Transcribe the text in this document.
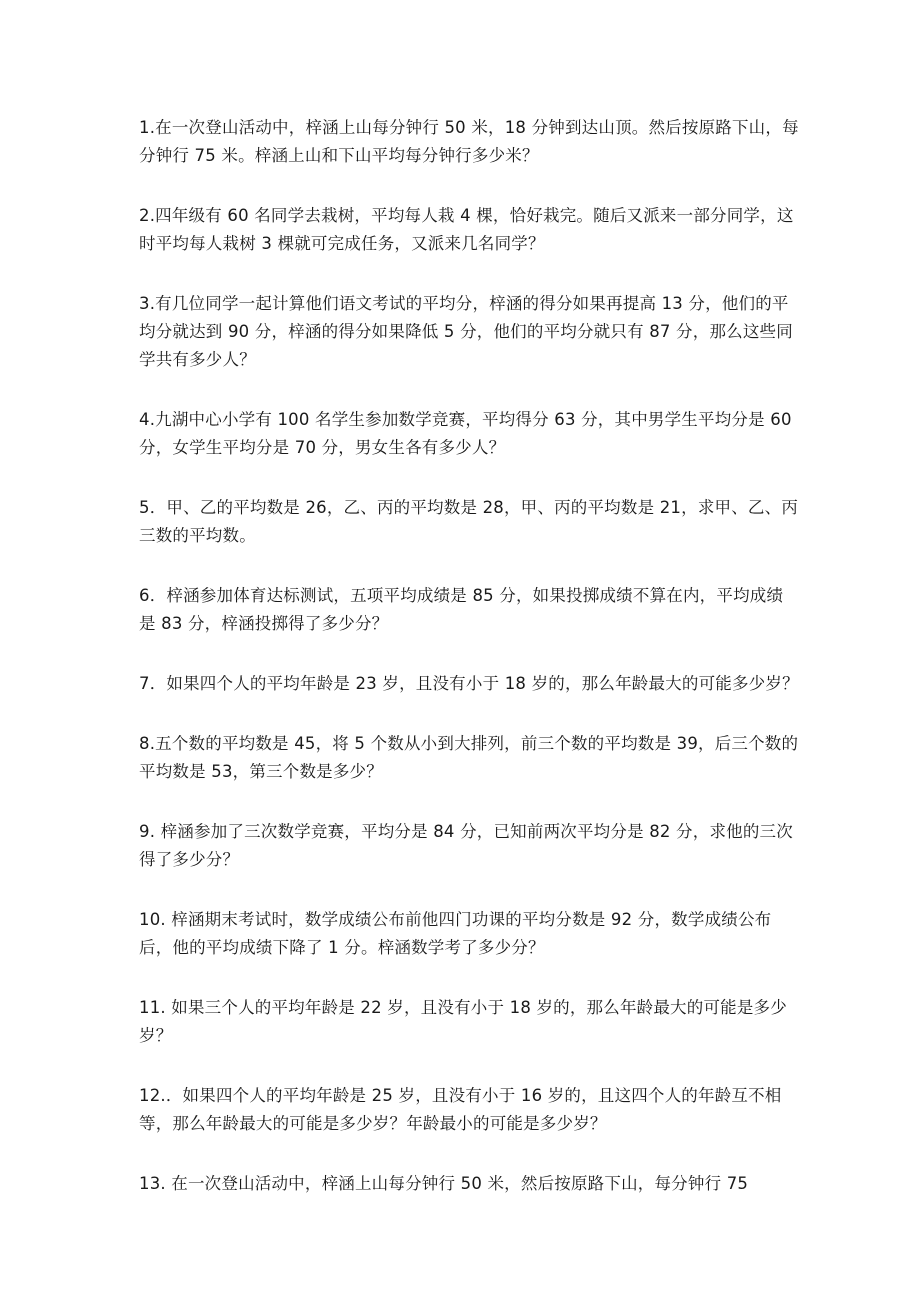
1.在一次登山活动中，梓涵上山每分钟行 50 米，18 分钟到达山顶。然后按原路下山，每分钟行 75 米。梓涵上山和下山平均每分钟行多少米？
2.四年级有 60 名同学去栽树，平均每人栽 4 棵，恰好栽完。随后又派来一部分同学，这时平均每人栽树 3 棵就可完成任务，又派来几名同学？
3.有几位同学一起计算他们语文考试的平均分，梓涵的得分如果再提高 13 分，他们的平均分就达到 90 分，梓涵的得分如果降低 5 分，他们的平均分就只有 87 分，那么这些同学共有多少人？
4.九湖中心小学有 100 名学生参加数学竞赛，平均得分 63 分，其中男学生平均分是 60 分，女学生平均分是 70 分，男女生各有多少人？
5．甲、乙的平均数是 26，乙、丙的平均数是 28，甲、丙的平均数是 21，求甲、乙、丙三数的平均数。
6．梓涵参加体育达标测试，五项平均成绩是 85 分，如果投掷成绩不算在内，平均成绩是 83 分，梓涵投掷得了多少分？
7．如果四个人的平均年龄是 23 岁，且没有小于 18 岁的，那么年龄最大的可能多少岁？
8.五个数的平均数是 45，将 5 个数从小到大排列，前三个数的平均数是 39，后三个数的平均数是 53，第三个数是多少？
9. 梓涵参加了三次数学竞赛，平均分是 84 分，已知前两次平均分是 82 分，求他的三次得了多少分？
10. 梓涵期末考试时，数学成绩公布前他四门功课的平均分数是 92 分，数学成绩公布后，他的平均成绩下降了 1 分。梓涵数学考了多少分？
11. 如果三个人的平均年龄是 22 岁，且没有小于 18 岁的，那么年龄最大的可能是多少岁？
12.．如果四个人的平均年龄是 25 岁，且没有小于 16 岁的，且这四个人的年龄互不相等，那么年龄最大的可能是多少岁？年龄最小的可能是多少岁？
13. 在一次登山活动中，梓涵上山每分钟行 50 米，然后按原路下山，每分钟行 75
